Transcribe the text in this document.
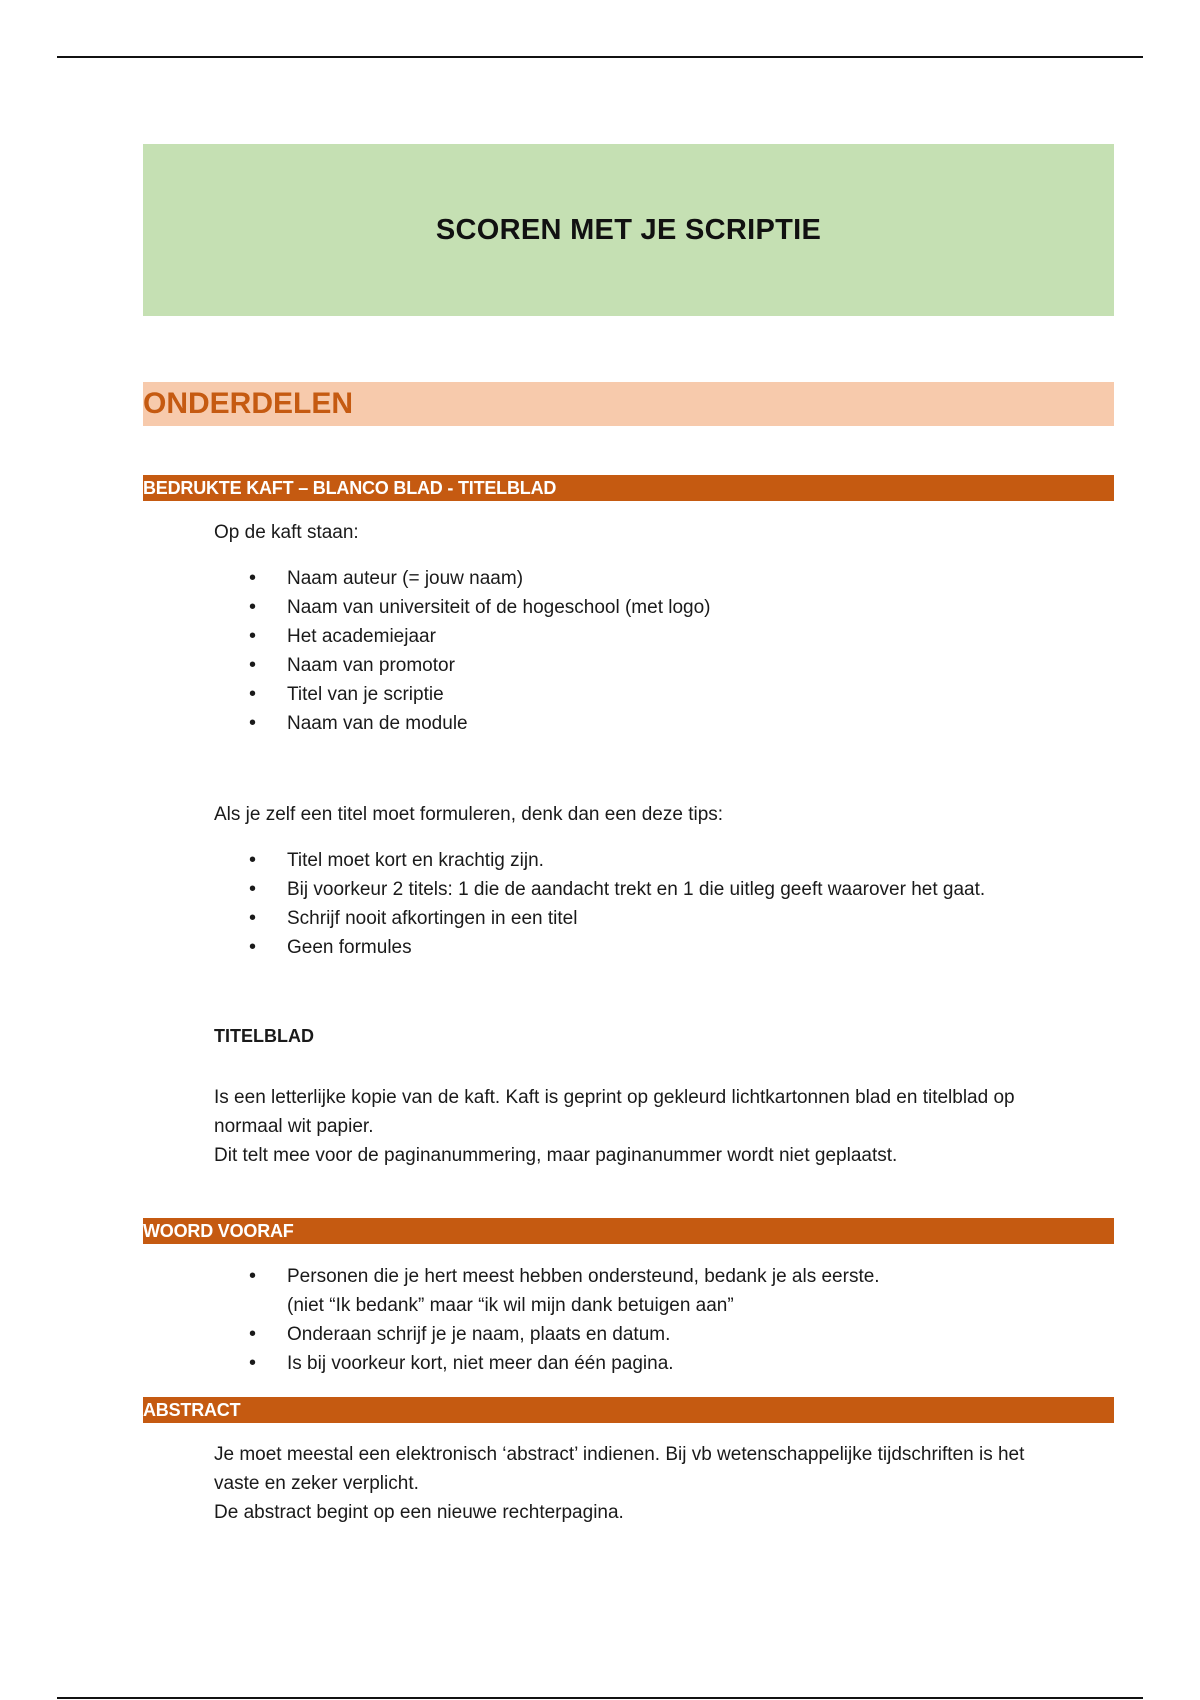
SCOREN MET JE SCRIPTIE
ONDERDELEN
BEDRUKTE KAFT – BLANCO BLAD - TITELBLAD

Op de kaft staan:

• Naam auteur (= jouw naam)
• Naam van universiteit of de hogeschool (met logo)
• Het academiejaar
• Naam van promotor
• Titel van je scriptie
• Naam van de module

Als je zelf een titel moet formuleren, denk dan een deze tips:

• Titel moet kort en krachtig zijn.
• Bij voorkeur 2 titels: 1 die de aandacht trekt en 1 die uitleg geeft waarover het gaat.
• Schrijf nooit afkortingen in een titel
• Geen formules
TITELBLAD

Is een letterlijke kopie van de kaft. Kaft is geprint op gekleurd lichtkartonnen blad en titelblad op

normaal wit papier.

Dit telt mee voor de paginanummering, maar paginanummer wordt niet geplaatst.

WOORD VOORAF
• Personen die je hert meest hebben ondersteund, bedank je als eerste.
(niet “Ik bedank” maar “ik wil mijn dank betuigen aan”
• Onderaan schrijf je je naam, plaats en datum.
• Is bij voorkeur kort, niet meer dan één pagina.
ABSTRACT

Je moet meestal een elektronisch ‘abstract’ indienen. Bij vb wetenschappelijke tijdschriften is het

vaste en zeker verplicht.

De abstract begint op een nieuwe rechterpagina.
